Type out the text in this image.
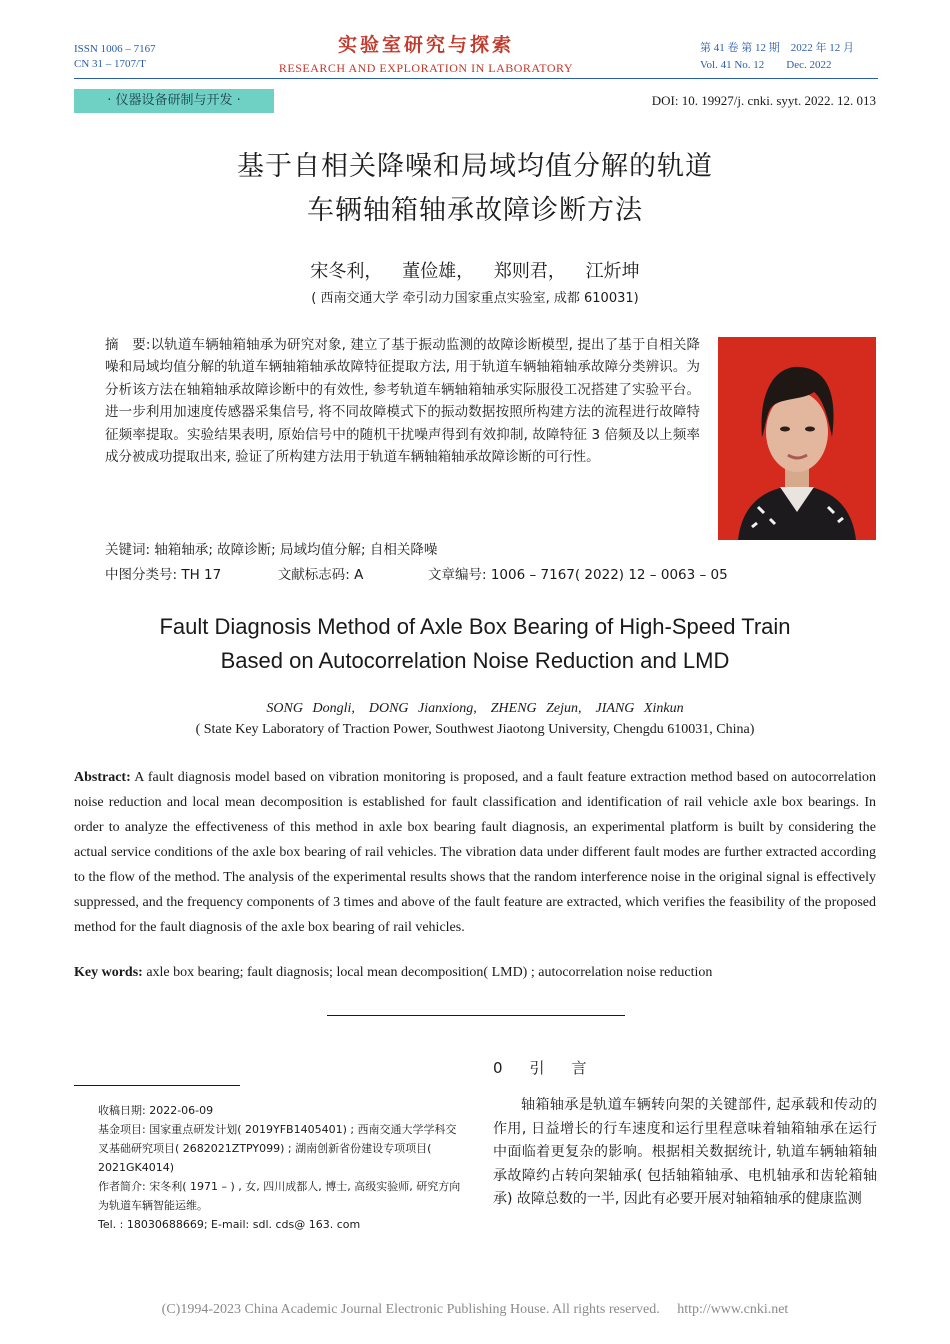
ISSN 1006 – 7167
CN 31 – 1707/T
实验室研究与探索
RESEARCH AND EXPLORATION IN LABORATORY
第 41 卷 第 12 期　2022 年 12 月
Vol. 41 No. 12　　Dec. 2022
· 仪器设备研制与开发 ·	DOI: 10. 19927/j. cnki. syyt. 2022. 12. 013
基于自相关降噪和局域均值分解的轨道
车辆轴箱轴承故障诊断方法
宋冬利， 董俭雄， 郑则君， 江炘坤
( 西南交通大学 牵引动力国家重点实验室, 成都 610031)
摘　要:以轨道车辆轴箱轴承为研究对象, 建立了基于振动监测的故障诊断模型, 提出了基于自相关降噪和局域均值分解的轨道车辆轴箱轴承故障特征提取方法, 用于轨道车辆轴箱轴承故障分类辨识。为分析该方法在轴箱轴承故障诊断中的有效性, 参考轨道车辆轴箱轴承实际服役工况搭建了实验平台。进一步利用加速度传感器采集信号, 将不同故障模式下的振动数据按照所构建方法的流程进行故障特征频率提取。实验结果表明, 原始信号中的随机干扰噪声得到有效抑制, 故障特征 3 倍频及以上频率成分被成功提取出来, 验证了所构建方法用于轨道车辆轴箱轴承故障诊断的可行性。
关键词: 轴箱轴承; 故障诊断; 局域均值分解; 自相关降噪
中图分类号: TH 17	文献标志码: A	文章编号: 1006 – 7167( 2022) 12 – 0063 – 05
Fault Diagnosis Method of Axle Box Bearing of High-Speed Train
Based on Autocorrelation Noise Reduction and LMD
SONG Dongli,　DONG Jianxiong,　ZHENG Zejun,　JIANG Xinkun
( State Key Laboratory of Traction Power, Southwest Jiaotong University, Chengdu 610031, China)
Abstract: A fault diagnosis model based on vibration monitoring is proposed, and a fault feature extraction method based on autocorrelation noise reduction and local mean decomposition is established for fault classification and identification of rail vehicle axle box bearings. In order to analyze the effectiveness of this method in axle box bearing fault diagnosis, an experimental platform is built by considering the actual service conditions of the axle box bearing of rail vehicles. The vibration data under different fault modes are further extracted according to the flow of the method. The analysis of the experimental results shows that the random interference noise in the original signal is effectively suppressed, and the frequency components of 3 times and above of the fault feature are extracted, which verifies the feasibility of the proposed method for the fault diagnosis of the axle box bearing of rail vehicles.
Key words: axle box bearing; fault diagnosis; local mean decomposition( LMD) ; autocorrelation noise reduction
收稿日期: 2022-06-09
基金项目: 国家重点研发计划( 2019YFB1405401) ; 西南交通大学学科交叉基础研究项目( 2682021ZTPY099) ; 湖南创新省份建设专项项目( 2021GK4014)
作者简介: 宋冬利( 1971 – ) , 女, 四川成都人, 博士, 高级实验师, 研究方向为轨道车辆智能运维。
Tel. : 18030688669; E-mail: sdl. cds@ 163. com
0　引　言
轴箱轴承是轨道车辆转向架的关键部件, 起承载和传动的作用, 日益增长的行车速度和运行里程意味着轴箱轴承在运行中面临着更复杂的影响。根据相关数据统计, 轨道车辆轴箱轴承故障约占转向架轴承( 包括轴箱轴承、电机轴承和齿轮箱轴承) 故障总数的一半, 因此有必要开展对轴箱轴承的健康监测
(C)1994-2023 China Academic Journal Electronic Publishing House. All rights reserved.　 http://www.cnki.net
